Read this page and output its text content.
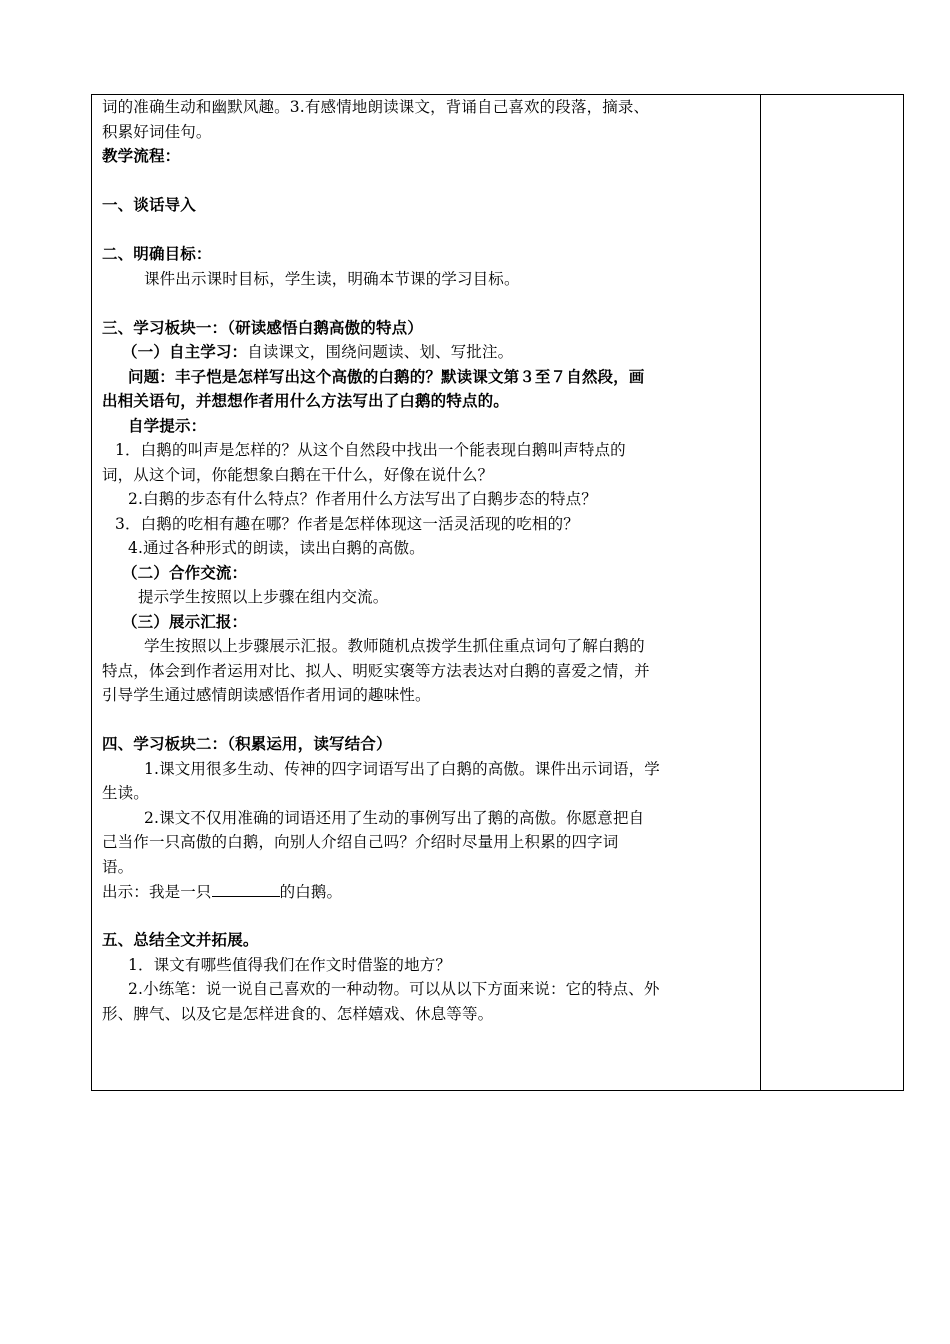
词的准确生动和幽默风趣。3.有感情地朗读课文，背诵自己喜欢的段落，摘录、
积累好词佳句。
教学流程：
一、谈话导入
二、明确目标：
课件出示课时目标，学生读，明确本节课的学习目标。
三、学习板块一：（研读感悟白鹅高傲的特点）
（一）自主学习：自读课文，围绕问题读、划、写批注。
问题：丰子恺是怎样写出这个高傲的白鹅的？默读课文第３至７自然段，画
出相关语句，并想想作者用什么方法写出了白鹅的特点的。
自学提示：
1．白鹅的叫声是怎样的？从这个自然段中找出一个能表现白鹅叫声特点的
词，从这个词，你能想象白鹅在干什么，好像在说什么？
2.白鹅的步态有什么特点？作者用什么方法写出了白鹅步态的特点？
3．白鹅的吃相有趣在哪？作者是怎样体现这一活灵活现的吃相的？
4.通过各种形式的朗读，读出白鹅的高傲。
（二）合作交流：
提示学生按照以上步骤在组内交流。
（三）展示汇报：
学生按照以上步骤展示汇报。教师随机点拨学生抓住重点词句了解白鹅的
特点，体会到作者运用对比、拟人、明贬实褒等方法表达对白鹅的喜爱之情，并
引导学生通过感情朗读感悟作者用词的趣味性。
四、学习板块二：（积累运用，读写结合）
1.课文用很多生动、传神的四字词语写出了白鹅的高傲。课件出示词语，学
生读。
2.课文不仅用准确的词语还用了生动的事例写出了鹅的高傲。你愿意把自
己当作一只高傲的白鹅，向别人介绍自己吗？介绍时尽量用上积累的四字词
语。
出示：我是一只	的白鹅。
五、总结全文并拓展。
1．课文有哪些值得我们在作文时借鉴的地方？
2.小练笔：说一说自己喜欢的一种动物。可以从以下方面来说：它的特点、外
形、脾气、以及它是怎样进食的、怎样嬉戏、休息等等。
